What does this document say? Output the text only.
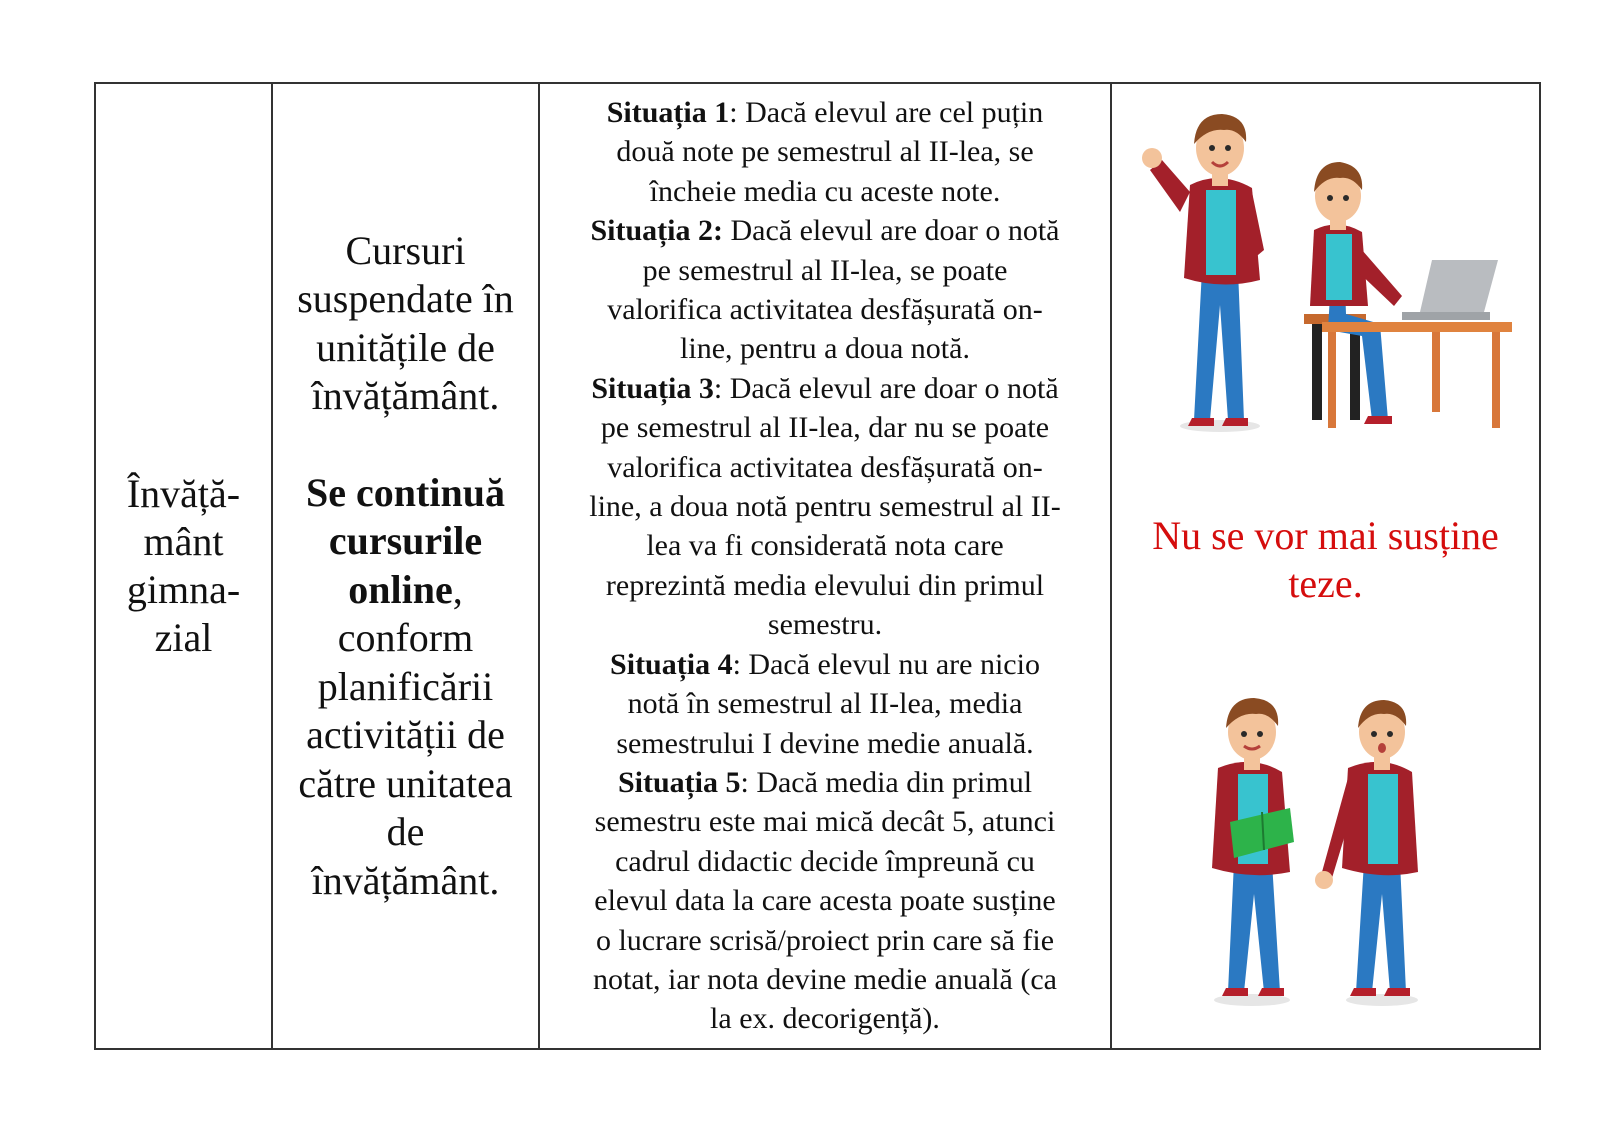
Învăță-
mânt
gimna-
zial
Cursuri
suspendate în
unitățile de
învățământ.
Se continuă
cursurile
online,
conform
planificării
activității de
către unitatea
de
învățământ.
Situația 1: Dacă elevul are cel puțin
două note pe semestrul al II-lea, se
încheie media cu aceste note.
Situația 2: Dacă elevul are doar o notă
pe semestrul al II-lea, se poate
valorifica activitatea desfășurată on-
line, pentru a doua notă.
Situația 3: Dacă elevul are doar o notă
pe semestrul al II-lea, dar nu se poate
valorifica activitatea desfășurată on-
line, a doua notă pentru semestrul al II-
lea va fi considerată nota care
reprezintă media elevului din primul
semestru.
Situația 4: Dacă elevul nu are nicio
notă în semestrul al II-lea, media
semestrului I devine medie anuală.
Situația 5: Dacă media din primul
semestru este mai mică decât 5, atunci
cadrul didactic decide împreună cu
elevul data la care acesta poate susține
o lucrare scrisă/proiect prin care să fie
notat, iar nota devine medie anuală (ca
la ex. decorigență).
Nu se vor mai susține
teze.
